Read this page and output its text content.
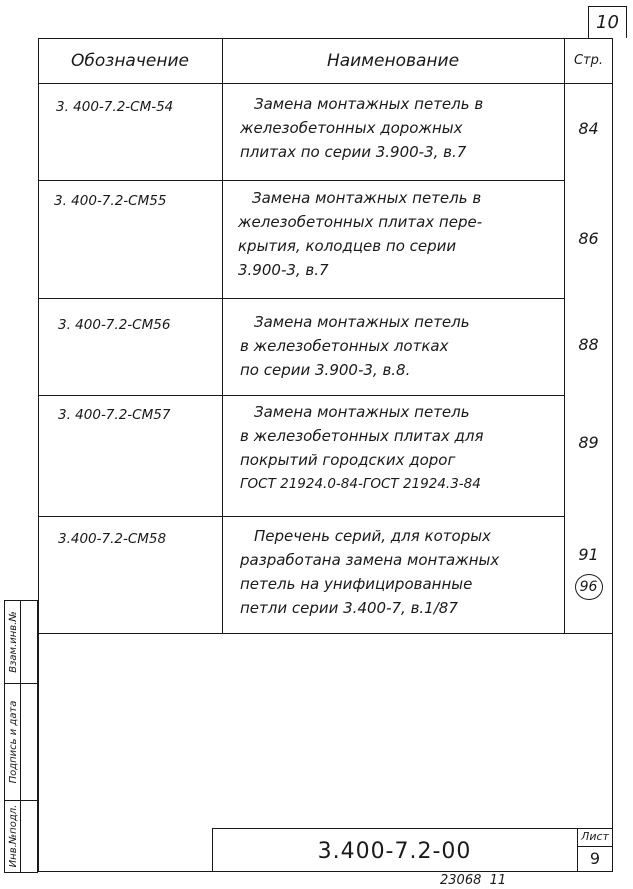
10
Обозначение	Наименование	Стр.
3. 400-7.2-СМ-54	Замена монтажных петель в
железобетонных дорожных
плитах по серии 3.900-3, в.7
84
3. 400-7.2-СМ55	Замена монтажных петель в
железобетонных плитах пере-
крытия, колодцев по серии
3.900-3, в.7
86
3. 400-7.2-СМ56	Замена монтажных петель
в железобетонных лотках
по серии 3.900-3, в.8.
88
3. 400-7.2-СМ57	Замена монтажных петель
в железобетонных плитах для
покрытий городских дорог
ГОСТ 21924.0-84-ГОСТ 21924.3-84
89
3.400-7.2-СМ58	Перечень серий, для которых
разработана замена монтажных
петель на унифицированные
петли серии 3.400-7, в.1/87
91
96
Взам.инв.№
Подпись и дата
Инв.№подл.	3.400-7.2-00
Лист
9
23068  11
